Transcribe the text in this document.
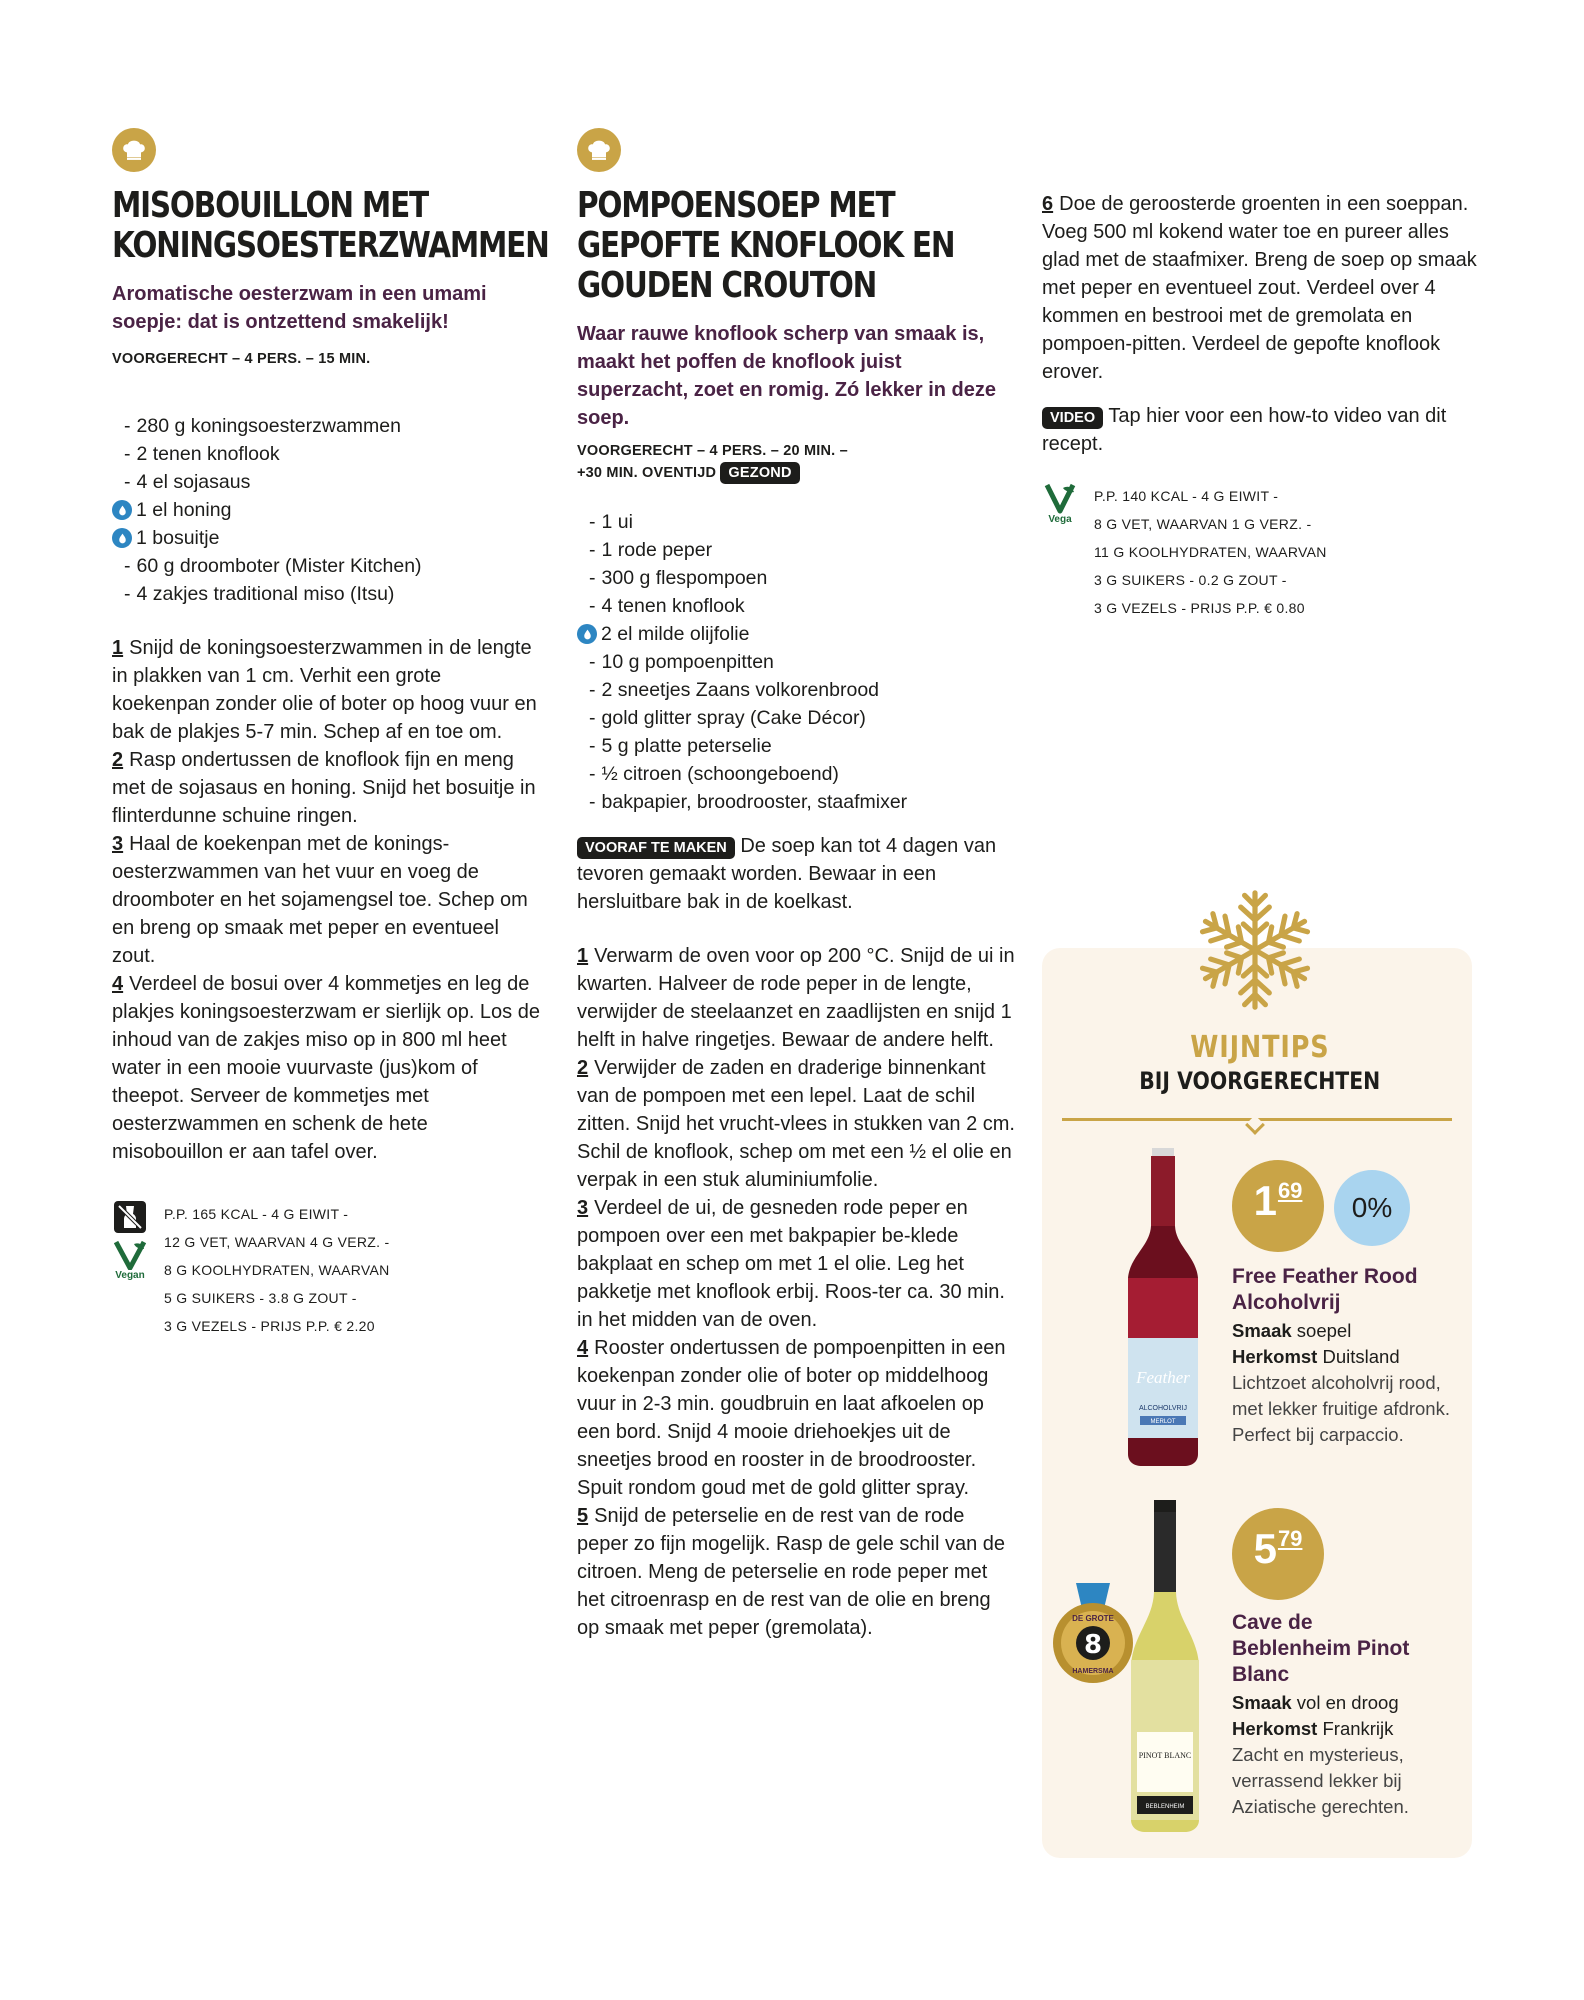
MISOBOUILLON MET KONINGSOESTERZWAMMEN

Aromatische oesterzwam in een umami soepje: dat is ontzettend smakelijk!

VOORGERECHT – 4 PERS. – 15 MIN.

- 280 g koningsoesterzwammen
- 2 tenen knoflook
- 4 el sojasaus
1 el honing
1 bosuitje
- 60 g droomboter (Mister Kitchen)
- 4 zakjes traditional miso (Itsu)

1 Snijd de koningsoesterzwammen in de lengte in plakken van 1 cm. Verhit een grote koekenpan zonder olie of boter op hoog vuur en bak de plakjes 5-7 min. Schep af en toe om.

2 Rasp ondertussen de knoflook fijn en meng met de sojasaus en honing. Snijd het bosuitje in flinterdunne schuine ringen.

3 Haal de koekenpan met de konings-oesterzwammen van het vuur en voeg de droomboter en het sojamengsel toe. Schep om en breng op smaak met peper en eventueel zout.

4 Verdeel de bosui over 4 kommetjes en leg de plakjes koningsoesterzwam er sierlijk op. Los de inhoud van de zakjes miso op in 800 ml heet water in een mooie vuurvaste (jus)kom of theepot. Serveer de kommetjes met oesterzwammen en schenk de hete misobouillon er aan tafel over.

Vegan
P.P. 165 KCAL - 4 G EIWIT -
12 G VET, WAARVAN 4 G VERZ. -
8 G KOOLHYDRATEN, WAARVAN
5 G SUIKERS - 3.8 G ZOUT -
3 G VEZELS - PRIJS P.P. € 2.20
POMPOENSOEP MET GEPOFTE KNOFLOOK EN GOUDEN CROUTON

Waar rauwe knoflook scherp van smaak is, maakt het poffen de knoflook juist superzacht, zoet en romig. Zó lekker in deze soep.

VOORGERECHT – 4 PERS. – 20 MIN. –
+30 MIN. OVENTIJD GEZOND
- 1 ui
- 1 rode peper
- 300 g flespompoen
- 4 tenen knoflook
2 el milde olijfolie
- 10 g pompoenpitten
- 2 sneetjes Zaans volkorenbrood
- gold glitter spray (Cake Décor)
- 5 g platte peterselie
- ½ citroen (schoongeboend)
- bakpapier, broodrooster, staafmixer

VOORAF TE MAKEN De soep kan tot 4 dagen van tevoren gemaakt worden. Bewaar in een hersluitbare bak in de koelkast.

1 Verwarm de oven voor op 200 °C. Snijd de ui in kwarten. Halveer de rode peper in de lengte, verwijder de steelaanzet en zaadlijsten en snijd 1 helft in halve ringetjes. Bewaar de andere helft.

2 Verwijder de zaden en draderige binnenkant van de pompoen met een lepel. Laat de schil zitten. Snijd het vrucht-vlees in stukken van 2 cm. Schil de knoflook, schep om met een ½ el olie en verpak in een stuk aluminiumfolie.

3 Verdeel de ui, de gesneden rode peper en pompoen over een met bakpapier be-klede bakplaat en schep om met 1 el olie. Leg het pakketje met knoflook erbij. Roos-ter ca. 30 min. in het midden van de oven.

4 Rooster ondertussen de pompoenpitten in een koekenpan zonder olie of boter op middelhoog vuur in 2-3 min. goudbruin en laat afkoelen op een bord. Snijd 4 mooie driehoekjes uit de sneetjes brood en rooster in de broodrooster. Spuit rondom goud met de gold glitter spray.

5 Snijd de peterselie en de rest van de rode peper zo fijn mogelijk. Rasp de gele schil van de citroen. Meng de peterselie en rode peper met het citroenrasp en de rest van de olie en breng op smaak met peper (gremolata).

6 Doe de geroosterde groenten in een soeppan. Voeg 500 ml kokend water toe en pureer alles glad met de staafmixer. Breng de soep op smaak met peper en eventueel zout. Verdeel over 4 kommen en bestrooi met de gremolata en pompoen-pitten. Verdeel de gepofte knoflook erover.

VIDEO Tap hier voor een how-to video van dit recept.

Vega
P.P. 140 KCAL - 4 G EIWIT -
8 G VET, WAARVAN 1 G VERZ. -
11 G KOOLHYDRATEN, WAARVAN
3 G SUIKERS - 0.2 G ZOUT -
3 G VEZELS - PRIJS P.P. € 0.80
WIJNTIPS
BIJ VOORGERECHTEN
Feather
ALCOHOLVRIJ
MERLOT
1 69
0%
Free Feather Rood Alcoholvrij
Smaak soepel
Herkomst Duitsland
Lichtzoet alcoholvrij rood, met lekker fruitige afdronk. Perfect bij carpaccio.
PINOT BLANC
BEBLENHEIM
8
DE GROTE
HAMERSMA
5 79
Cave de Beblenheim Pinot Blanc
Smaak vol en droog
Herkomst Frankrijk
Zacht en mysterieus, verrassend lekker bij Aziatische gerechten.
